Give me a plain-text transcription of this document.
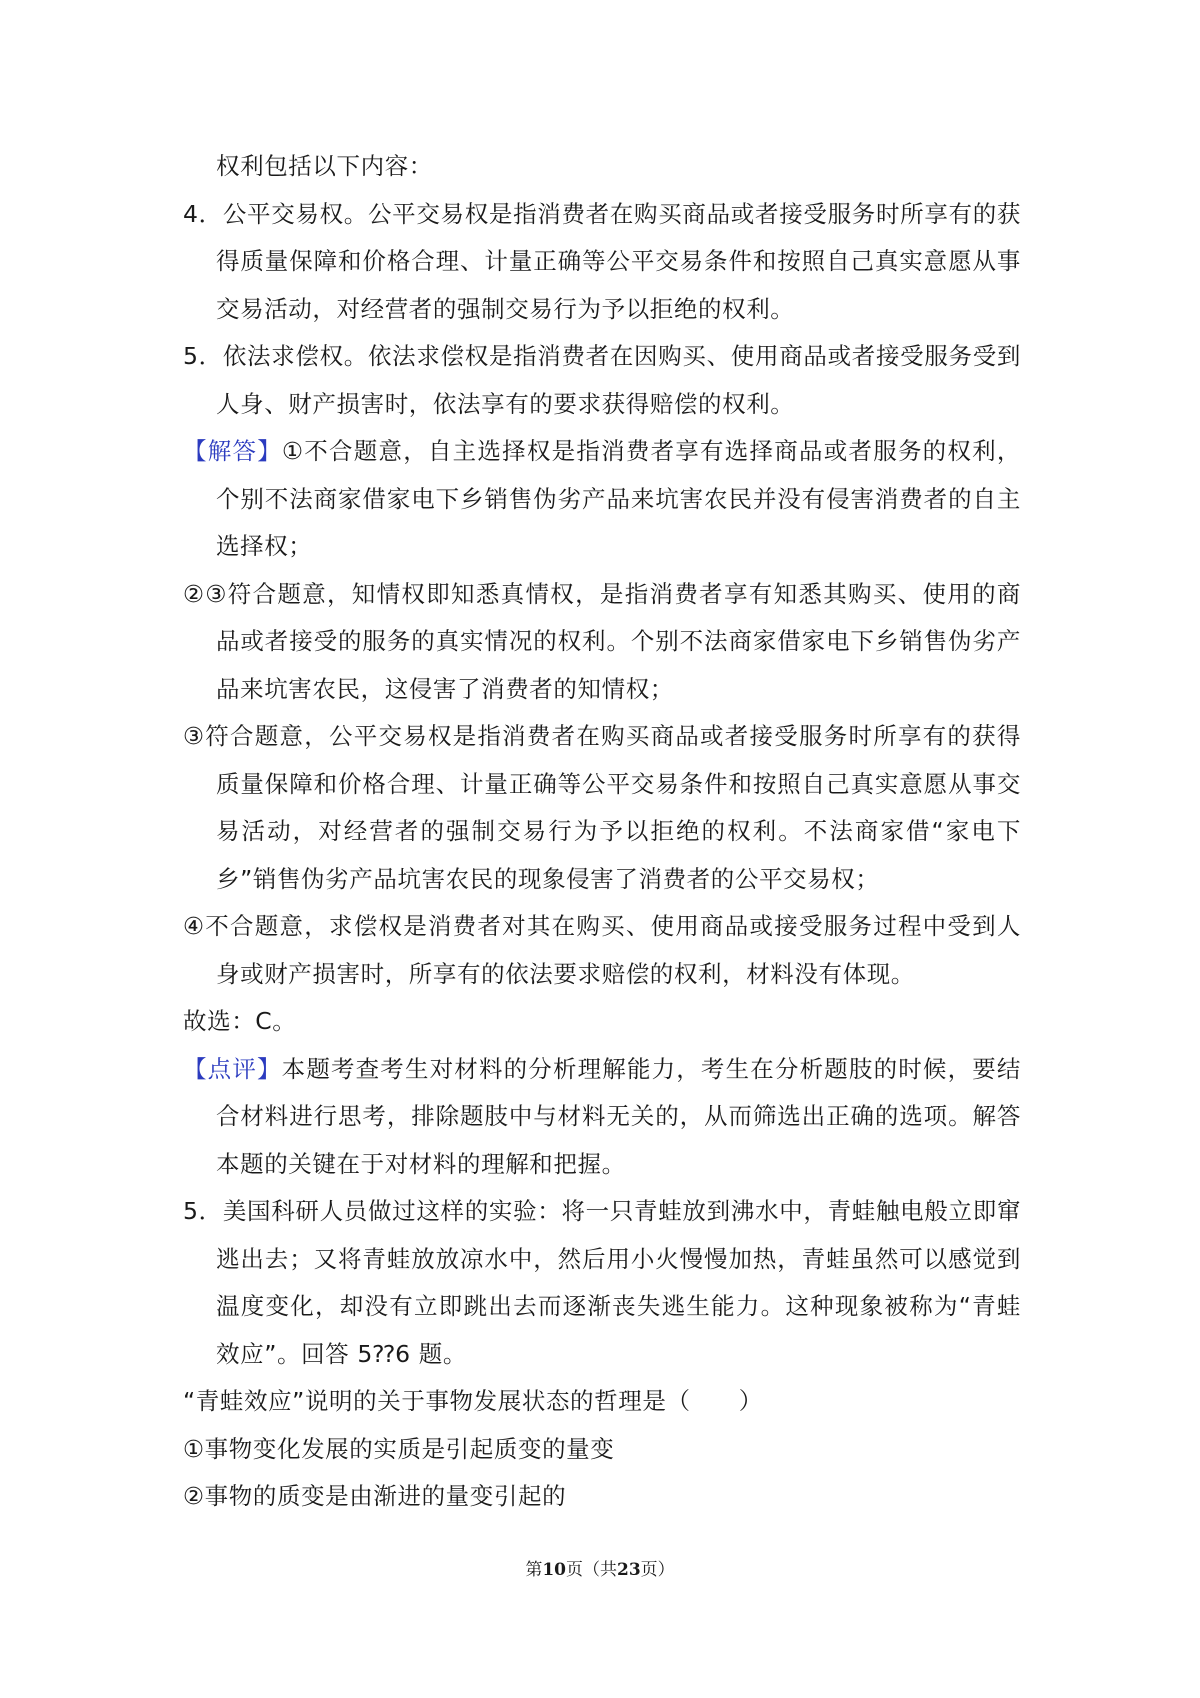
权利包括以下内容：

4．公平交易权。公平交易权是指消费者在购买商品或者接受服务时所享有的获得质量保障和价格合理、计量正确等公平交易条件和按照自己真实意愿从事交易活动，对经营者的强制交易行为予以拒绝的权利。

5．依法求偿权。依法求偿权是指消费者在因购买、使用商品或者接受服务受到人身、财产损害时，依法享有的要求获得赔偿的权利。

【解答】①不合题意，自主选择权是指消费者享有选择商品或者服务的权利，个别不法商家借家电下乡销售伪劣产品来坑害农民并没有侵害消费者的自主选择权；

②③符合题意，知情权即知悉真情权，是指消费者享有知悉其购买、使用的商品或者接受的服务的真实情况的权利。个别不法商家借家电下乡销售伪劣产品来坑害农民，这侵害了消费者的知情权；

③符合题意，公平交易权是指消费者在购买商品或者接受服务时所享有的获得质量保障和价格合理、计量正确等公平交易条件和按照自己真实意愿从事交易活动，对经营者的强制交易行为予以拒绝的权利。不法商家借“家电下乡”销售伪劣产品坑害农民的现象侵害了消费者的公平交易权；

④不合题意，求偿权是消费者对其在购买、使用商品或接受服务过程中受到人身或财产损害时，所享有的依法要求赔偿的权利，材料没有体现。

故选：C。

【点评】本题考查考生对材料的分析理解能力，考生在分析题肢的时候，要结合材料进行思考，排除题肢中与材料无关的，从而筛选出正确的选项。解答本题的关键在于对材料的理解和把握。

5．美国科研人员做过这样的实验：将一只青蛙放到沸水中，青蛙触电般立即窜逃出去；又将青蛙放放凉水中，然后用小火慢慢加热，青蛙虽然可以感觉到温度变化，却没有立即跳出去而逐渐丧失逃生能力。这种现象被称为“青蛙效应”。回答 5⁇6 题。

“青蛙效应”说明的关于事物发展状态的哲理是（　　）

①事物变化发展的实质是引起质变的量变

②事物的质变是由渐进的量变引起的

第10页（共23页）
